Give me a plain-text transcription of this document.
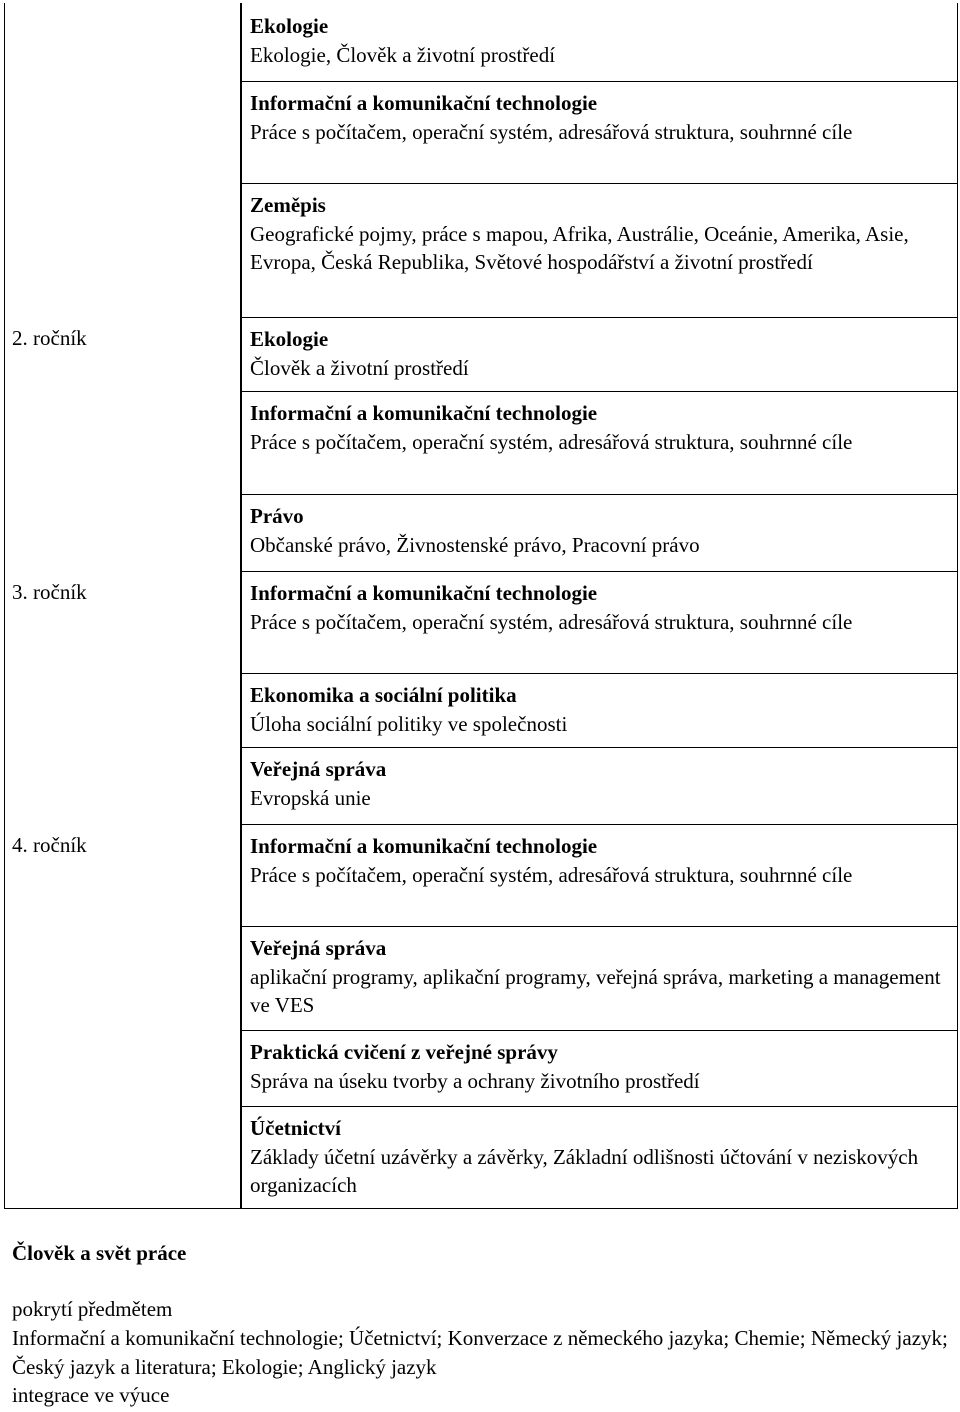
Ekologie
Ekologie, Člověk a životní prostředí
Informační a komunikační technologie
Práce s počítačem, operační systém, adresářová struktura, souhrnné cíle
Zeměpis
Geografické pojmy, práce s mapou, Afrika, Austrálie, Oceánie, Amerika, Asie, Evropa, Česká Republika, Světové hospodářství a životní prostředí
Ekologie
Člověk a životní prostředí
Informační a komunikační technologie
Práce s počítačem, operační systém, adresářová struktura, souhrnné cíle
Právo
Občanské právo, Živnostenské právo, Pracovní právo
Informační a komunikační technologie
Práce s počítačem, operační systém, adresářová struktura, souhrnné cíle
Ekonomika a sociální politika
Úloha sociální politiky ve společnosti
Veřejná správa
Evropská unie
Informační a komunikační technologie
Práce s počítačem, operační systém, adresářová struktura, souhrnné cíle
Veřejná správa
aplikační programy, aplikační programy, veřejná správa, marketing a management ve VES
Praktická cvičení z veřejné správy
Správa na úseku tvorby a ochrany životního prostředí
Účetnictví
Základy účetní uzávěrky a závěrky, Základní odlišnosti účtování v neziskových organizacích
2. ročník
3. ročník
4. ročník
Člověk a svět práce
pokrytí předmětem
Informační a komunikační technologie; Účetnictví; Konverzace z německého jazyka; Chemie; Německý jazyk; Český jazyk a literatura; Ekologie; Anglický jazyk
integrace ve výuce
